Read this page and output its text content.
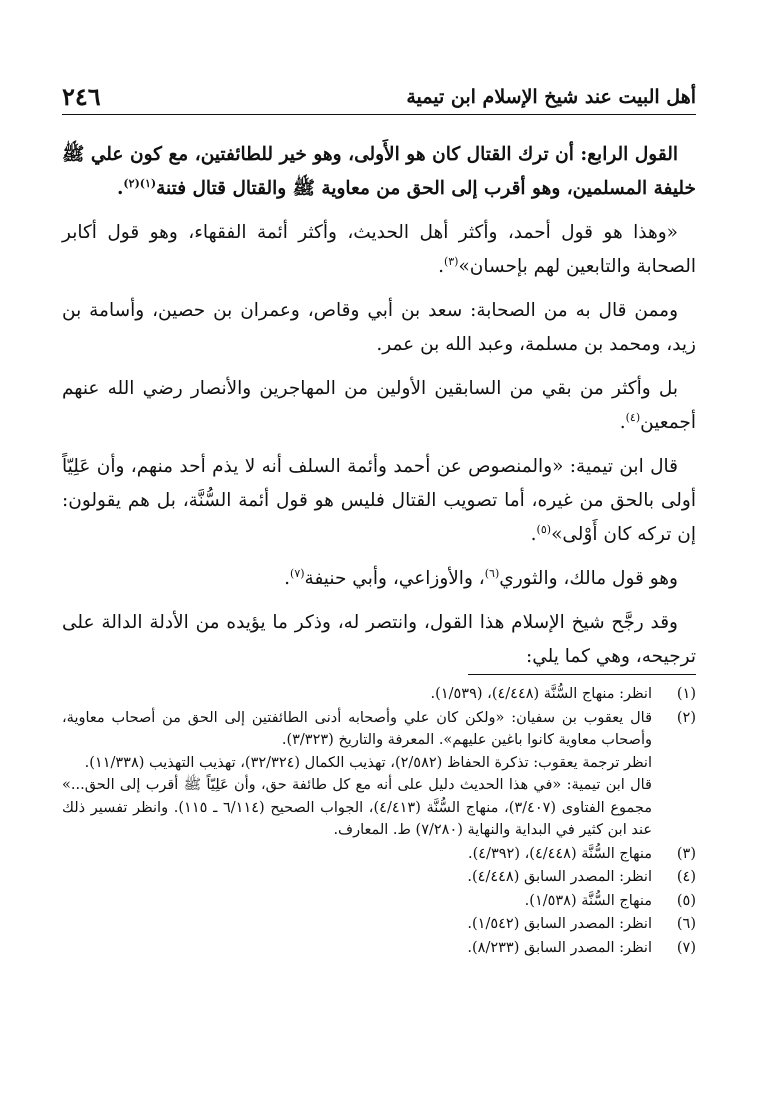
أهل البيت عند شيخ الإسلام ابن تيمية
٢٤٦

القول الرابع: أن ترك القتال كان هو الأَولى، وهو خير للطائفتين، مع كون علي ﷺ خليفة المسلمين، وهو أقرب إلى الحق من معاوية ﷺ والقتال قتال فتنة$^{(١)(٢)}$.

«وهذا هو قول أحمد، وأكثر أهل الحديث، وأكثر أئمة الفقهاء، وهو قول أكابر الصحابة والتابعين لهم بإحسان»$^{(٣)}$.

وممن قال به من الصحابة: سعد بن أبي وقاص، وعمران بن حصين، وأسامة بن زيد، ومحمد بن مسلمة، وعبد الله بن عمر.

بل وأكثر من بقي من السابقين الأولين من المهاجرين والأنصار رضي الله عنهم أجمعين$^{(٤)}$.

قال ابن تيمية: «والمنصوص عن أحمد وأئمة السلف أنه لا يذم أحد منهم، وأن عَلِيّاً أولى بالحق من غيره، أما تصويب القتال فليس هو قول أئمة السُّنَّة، بل هم يقولون: إن تركه كان أَوْلى»$^{(٥)}$.

وهو قول مالك، والثوري$^{(٦)}$، والأوزاعي، وأبي حنيفة$^{(٧)}$.

وقد رجَّح شيخ الإسلام هذا القول، وانتصر له، وذكر ما يؤيده من الأدلة الدالة على ترجيحه، وهي كما يلي:

(١)

انظر: منهاج السُّنَّة (٤/٤٤٨)، (١/٥٣٩).

(٢)

قال يعقوب بن سفيان: «ولكن كان علي وأصحابه أدنى الطائفتين إلى الحق من أصحاب معاوية، وأصحاب معاوية كانوا باغين عليهم». المعرفة والتاريخ (٣/٣٢٣).

انظر ترجمة يعقوب: تذكرة الحفاظ (٢/٥٨٢)، تهذيب الكمال (٣٢/٣٢٤)، تهذيب التهذيب (١١/٣٣٨).

قال ابن تيمية: «في هذا الحديث دليل على أنه مع كل طائفة حق، وأن عَلِيّاً ﷺ أقرب إلى الحق...» مجموع الفتاوى (٣/٤٠٧)، منهاج السُّنَّة (٤/٤١٣)، الجواب الصحيح (٦/١١٤ ـ ١١٥). وانظر تفسير ذلك عند ابن كثير في البداية والنهاية (٧/٢٨٠) ط. المعارف.

(٣)

منهاج السُّنَّة (٤/٤٤٨)، (٤/٣٩٢).

(٤)

انظر: المصدر السابق (٤/٤٤٨).

(٥)

منهاج السُّنَّة (١/٥٣٨).

(٦)

انظر: المصدر السابق (١/٥٤٢).

(٧)

انظر: المصدر السابق (٨/٢٣٣).
